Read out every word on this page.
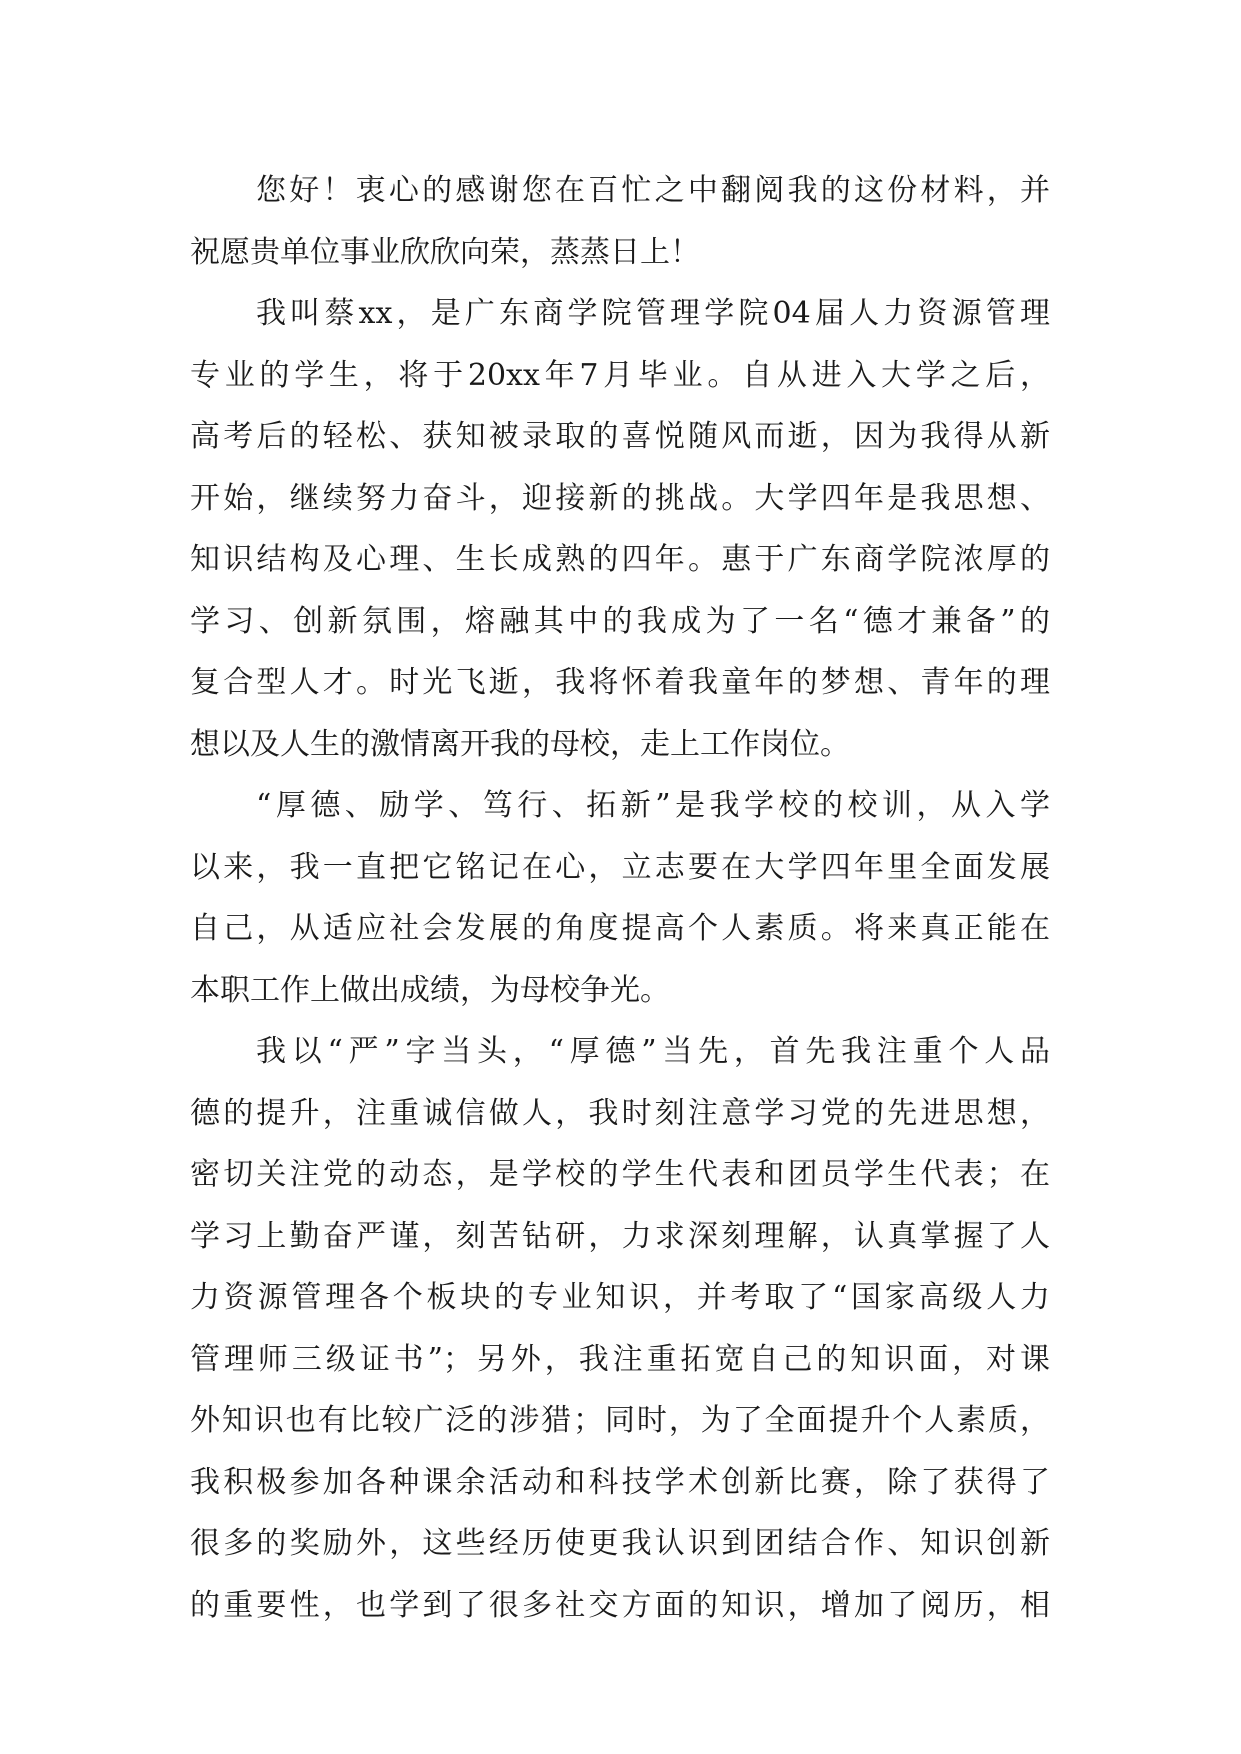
您好！衷心的感谢您在百忙之中翻阅我的这份材料，并
祝愿贵单位事业欣欣向荣，蒸蒸日上！
我叫蔡xx，是广东商学院管理学院04届人力资源管理
专业的学生，将于20xx年7月毕业。自从进入大学之后，
高考后的轻松、获知被录取的喜悦随风而逝，因为我得从新
开始，继续努力奋斗，迎接新的挑战。大学四年是我思想、
知识结构及心理、生长成熟的四年。惠于广东商学院浓厚的
学习、创新氛围，熔融其中的我成为了一名“德才兼备”的
复合型人才。时光飞逝，我将怀着我童年的梦想、青年的理
想以及人生的激情离开我的母校，走上工作岗位。
“厚德、励学、笃行、拓新”是我学校的校训，从入学
以来，我一直把它铭记在心，立志要在大学四年里全面发展
自己，从适应社会发展的角度提高个人素质。将来真正能在
本职工作上做出成绩，为母校争光。
我以“严”字当头，“厚德”当先，首先我注重个人品
德的提升，注重诚信做人，我时刻注意学习党的先进思想，
密切关注党的动态，是学校的学生代表和团员学生代表；在
学习上勤奋严谨，刻苦钻研，力求深刻理解，认真掌握了人
力资源管理各个板块的专业知识，并考取了“国家高级人力
管理师三级证书”；另外，我注重拓宽自己的知识面，对课
外知识也有比较广泛的涉猎；同时，为了全面提升个人素质，
我积极参加各种课余活动和科技学术创新比赛，除了获得了
很多的奖励外，这些经历使更我认识到团结合作、知识创新
的重要性，也学到了很多社交方面的知识，增加了阅历，相
